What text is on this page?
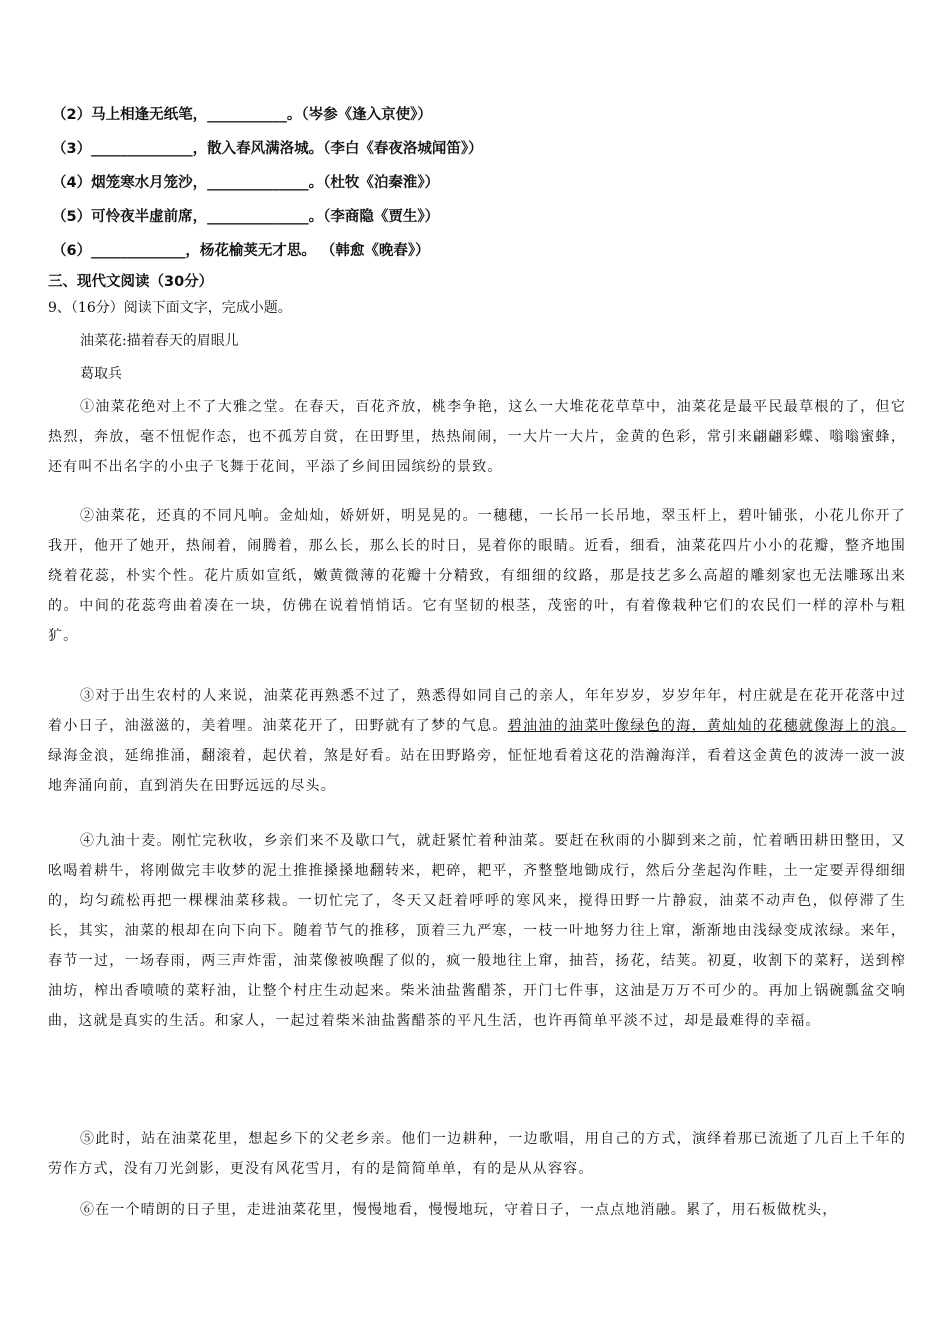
（2）马上相逢无纸笔，___________。（岑参《逢入京使》）
（3）______________，散入春风满洛城。（李白《春夜洛城闻笛》）
（4）烟笼寒水月笼沙，______________。（杜牧《泊秦淮》）
（5）可怜夜半虚前席，______________。（李商隐《贾生》）
（6）_____________，杨花榆荚无才思。 （韩愈《晚春》）
三、现代文阅读（30分）
9、（16分）阅读下面文字，完成小题。
油菜花:描着春天的眉眼儿
葛取兵

①油菜花绝对上不了大雅之堂。在春天，百花齐放，桃李争艳，这么一大堆花花草草中，油菜花是最平民最草根的了，但它热烈，奔放，毫不忸怩作态，也不孤芳自赏，在田野里，热热闹闹，一大片一大片，金黄的色彩，常引来翩翩彩蝶、嗡嗡蜜蜂，还有叫不出名字的小虫子飞舞于花间，平添了乡间田园缤纷的景致。

②油菜花，还真的不同凡响。金灿灿，娇妍妍，明晃晃的。一穗穗，一长吊一长吊地，翠玉杆上，碧叶铺张，小花儿你开了我开，他开了她开，热闹着，闹腾着，那么长，那么长的时日，晃着你的眼睛。近看，细看，油菜花四片小小的花瓣，整齐地围绕着花蕊，朴实个性。花片质如宣纸，嫩黄微薄的花瓣十分精致，有细细的纹路，那是技艺多么高超的雕刻家也无法雕琢出来的。中间的花蕊弯曲着凑在一块，仿佛在说着悄悄话。它有坚韧的根茎，茂密的叶，有着像栽种它们的农民们一样的淳朴与粗犷。

③对于出生农村的人来说，油菜花再熟悉不过了，熟悉得如同自己的亲人，年年岁岁，岁岁年年，村庄就是在花开花落中过着小日子，油滋滋的，美着哩。油菜花开了，田野就有了梦的气息。碧油油的油菜叶像绿色的海，黄灿灿的花穗就像海上的浪。绿海金浪，延绵推涌，翻滚着，起伏着，煞是好看。站在田野路旁，怔怔地看着这花的浩瀚海洋，看着这金黄色的波涛一波一波地奔涌向前，直到消失在田野远远的尽头。

④九油十麦。刚忙完秋收，乡亲们来不及歇口气，就赶紧忙着种油菜。要赶在秋雨的小脚到来之前，忙着晒田耕田整田，又吆喝着耕牛，将刚做完丰收梦的泥土推推搡搡地翻转来，耙碎，耙平，齐整整地锄成行，然后分垄起沟作畦，土一定要弄得细细的，均匀疏松再把一棵棵油菜移栽。一切忙完了，冬天又赶着呼呼的寒风来，搅得田野一片静寂，油菜不动声色，似停滞了生长，其实，油菜的根却在向下向下。随着节气的推移，顶着三九严寒，一枝一叶地努力往上窜，渐渐地由浅绿变成浓绿。来年，春节一过，一场春雨，两三声炸雷，油菜像被唤醒了似的，疯一般地往上窜，抽苔，扬花，结荚。初夏，收割下的菜籽，送到榨油坊，榨出香喷喷的菜籽油，让整个村庄生动起来。柴米油盐酱醋茶，开门七件事，这油是万万不可少的。再加上锅碗瓢盆交响曲，这就是真实的生活。和家人，一起过着柴米油盐酱醋茶的平凡生活，也许再简单平淡不过，却是最难得的幸福。

⑤此时，站在油菜花里，想起乡下的父老乡亲。他们一边耕种，一边歌唱，用自己的方式，演绎着那已流逝了几百上千年的劳作方式，没有刀光剑影，更没有风花雪月，有的是简简单单，有的是从从容容。

⑥在一个晴朗的日子里，走进油菜花里，慢慢地看，慢慢地玩，守着日子，一点点地消融。累了，用石板做枕头，
